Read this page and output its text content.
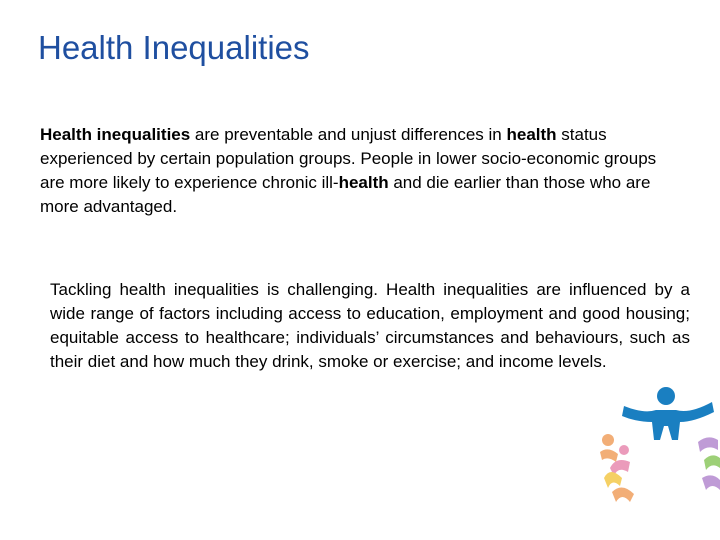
Health Inequalities

Health inequalities are preventable and unjust differences in health status experienced by certain population groups. People in lower socio-economic groups are more likely to experience chronic ill-health and die earlier than those who are more advantaged.

Tackling health inequalities is challenging. Health inequalities are influenced by a wide range of factors including access to education, employment and good housing; equitable access to healthcare; individuals’ circumstances and behaviours, such as their diet and how much they drink, smoke or exercise; and income levels.
